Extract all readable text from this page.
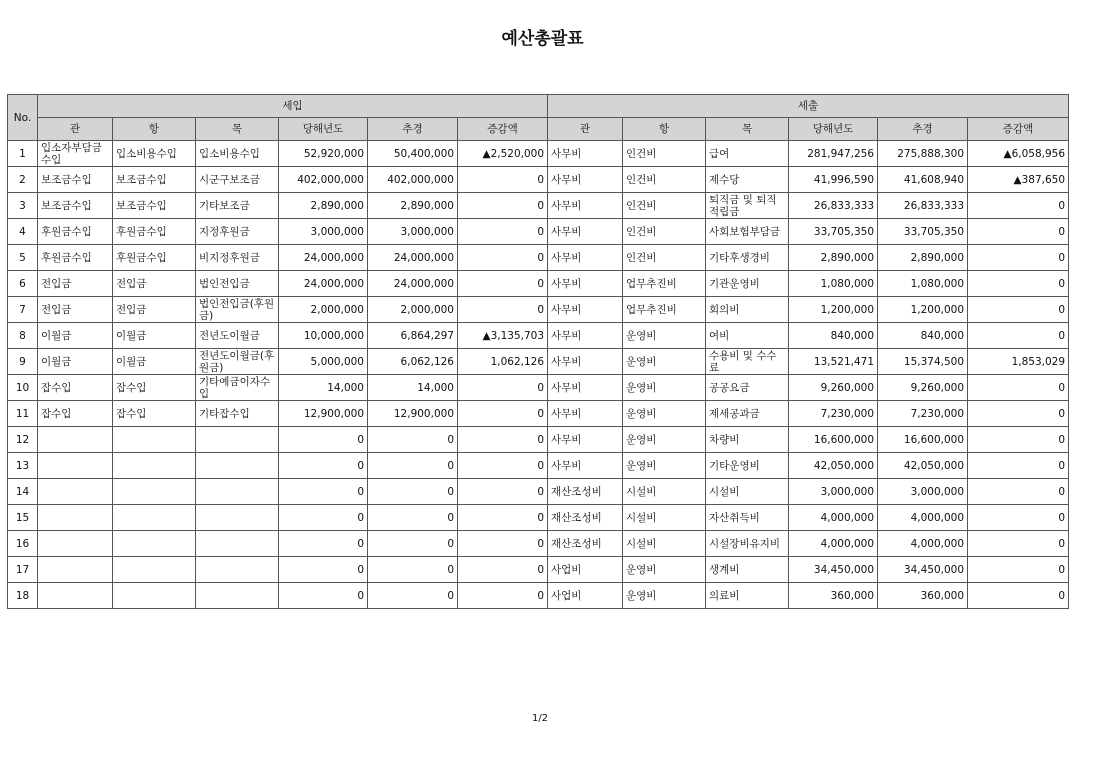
예산총괄표
No.	세입						세출					
	관	항	목	당해년도	추경	증감액	관	항	목	당해년도	추경	증감액
1	입소자부담금수입	입소비용수입	입소비용수입	52,920,000	50,400,000	▲2,520,000	사무비	인건비	급여	281,947,256	275,888,300	▲6,058,956
2	보조금수입	보조금수입	시군구보조금	402,000,000	402,000,000	0	사무비	인건비	제수당	41,996,590	41,608,940	▲387,650
3	보조금수입	보조금수입	기타보조금	2,890,000	2,890,000	0	사무비	인건비	퇴직금 및 퇴직적립금	26,833,333	26,833,333	0
4	후원금수입	후원금수입	지정후원금	3,000,000	3,000,000	0	사무비	인건비	사회보험부담금	33,705,350	33,705,350	0
5	후원금수입	후원금수입	비지정후원금	24,000,000	24,000,000	0	사무비	인건비	기타후생경비	2,890,000	2,890,000	0
6	전입금	전입금	법인전입금	24,000,000	24,000,000	0	사무비	업무추진비	기관운영비	1,080,000	1,080,000	0
7	전입금	전입금	법인전입금(후원금)	2,000,000	2,000,000	0	사무비	업무추진비	회의비	1,200,000	1,200,000	0
8	이월금	이월금	전년도이월금	10,000,000	6,864,297	▲3,135,703	사무비	운영비	여비	840,000	840,000	0
9	이월금	이월금	전년도이월금(후원금)	5,000,000	6,062,126	1,062,126	사무비	운영비	수용비 및 수수료	13,521,471	15,374,500	1,853,029
10	잡수입	잡수입	기타예금이자수입	14,000	14,000	0	사무비	운영비	공공요금	9,260,000	9,260,000	0
11	잡수입	잡수입	기타잡수입	12,900,000	12,900,000	0	사무비	운영비	제세공과금	7,230,000	7,230,000	0
12				0	0	0	사무비	운영비	차량비	16,600,000	16,600,000	0
13				0	0	0	사무비	운영비	기타운영비	42,050,000	42,050,000	0
14				0	0	0	재산조성비	시설비	시설비	3,000,000	3,000,000	0
15				0	0	0	재산조성비	시설비	자산취득비	4,000,000	4,000,000	0
16				0	0	0	재산조성비	시설비	시설장비유지비	4,000,000	4,000,000	0
17				0	0	0	사업비	운영비	생계비	34,450,000	34,450,000	0
18				0	0	0	사업비	운영비	의료비	360,000	360,000	0
1/2
